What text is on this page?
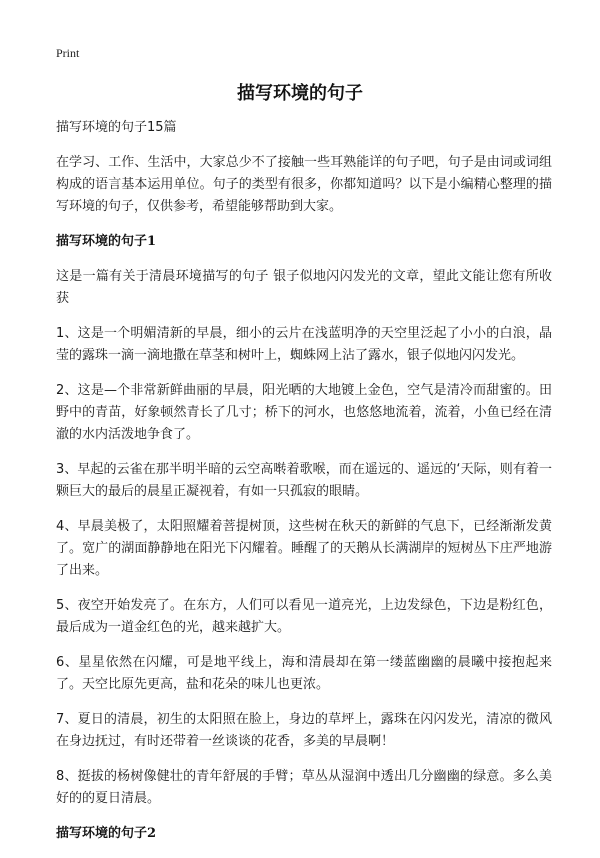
Print
描写环境的句子

描写环境的句子15篇

在学习、工作、生活中，大家总少不了接触一些耳熟能详的句子吧，句子是由词或词组构成的语言基本运用单位。句子的类型有很多，你都知道吗？以下是小编精心整理的描写环境的句子，仅供参考，希望能够帮助到大家。

描写环境的句子1

这是一篇有关于清晨环境描写的句子 银子似地闪闪发光的文章，望此文能让您有所收获

1、这是一个明媚清新的早晨，细小的云片在浅蓝明净的天空里泛起了小小的白浪，晶莹的露珠一滴一滴地撒在草茎和树叶上，蜘蛛网上沾了露水，银子似地闪闪发光。

2、这是—个非常新鲜曲丽的早晨，阳光晒的大地镀上金色，空气是清冷而甜蜜的。田野中的青苗，好象顿然青长了几寸；桥下的河水，也悠悠地流着，流着，小鱼已经在清澈的水内活泼地争食了。

3、早起的云雀在那半明半暗的云空高啭着歌喉，而在遥远的、遥远的‘天际，则有着一颗巨大的最后的晨星正凝视着，有如一只孤寂的眼睛。

4、早晨美极了，太阳照耀着菩提树顶，这些树在秋天的新鲜的气息下，已经渐渐发黄了。宽广的湖面静静地在阳光下闪耀着。睡醒了的天鹅从长满湖岸的短树丛下庄严地游了出来。

5、夜空开始发亮了。在东方，人们可以看见一道亮光，上边发绿色，下边是粉红色，最后成为一道金红色的光，越来越扩大。

6、星星依然在闪耀，可是地平线上，海和清晨却在第一缕蓝幽幽的晨曦中接抱起来了。天空比原先更高，盐和花朵的味儿也更浓。

7、夏日的清晨，初生的太阳照在脸上，身边的草坪上，露珠在闪闪发光，清凉的微风在身边抚过，有时还带着一丝谈谈的花香，多美的早晨啊！

8、挺拔的杨树像健壮的青年舒展的手臂；草丛从湿润中透出几分幽幽的绿意。多么美好的的夏日清晨。

描写环境的句子2
